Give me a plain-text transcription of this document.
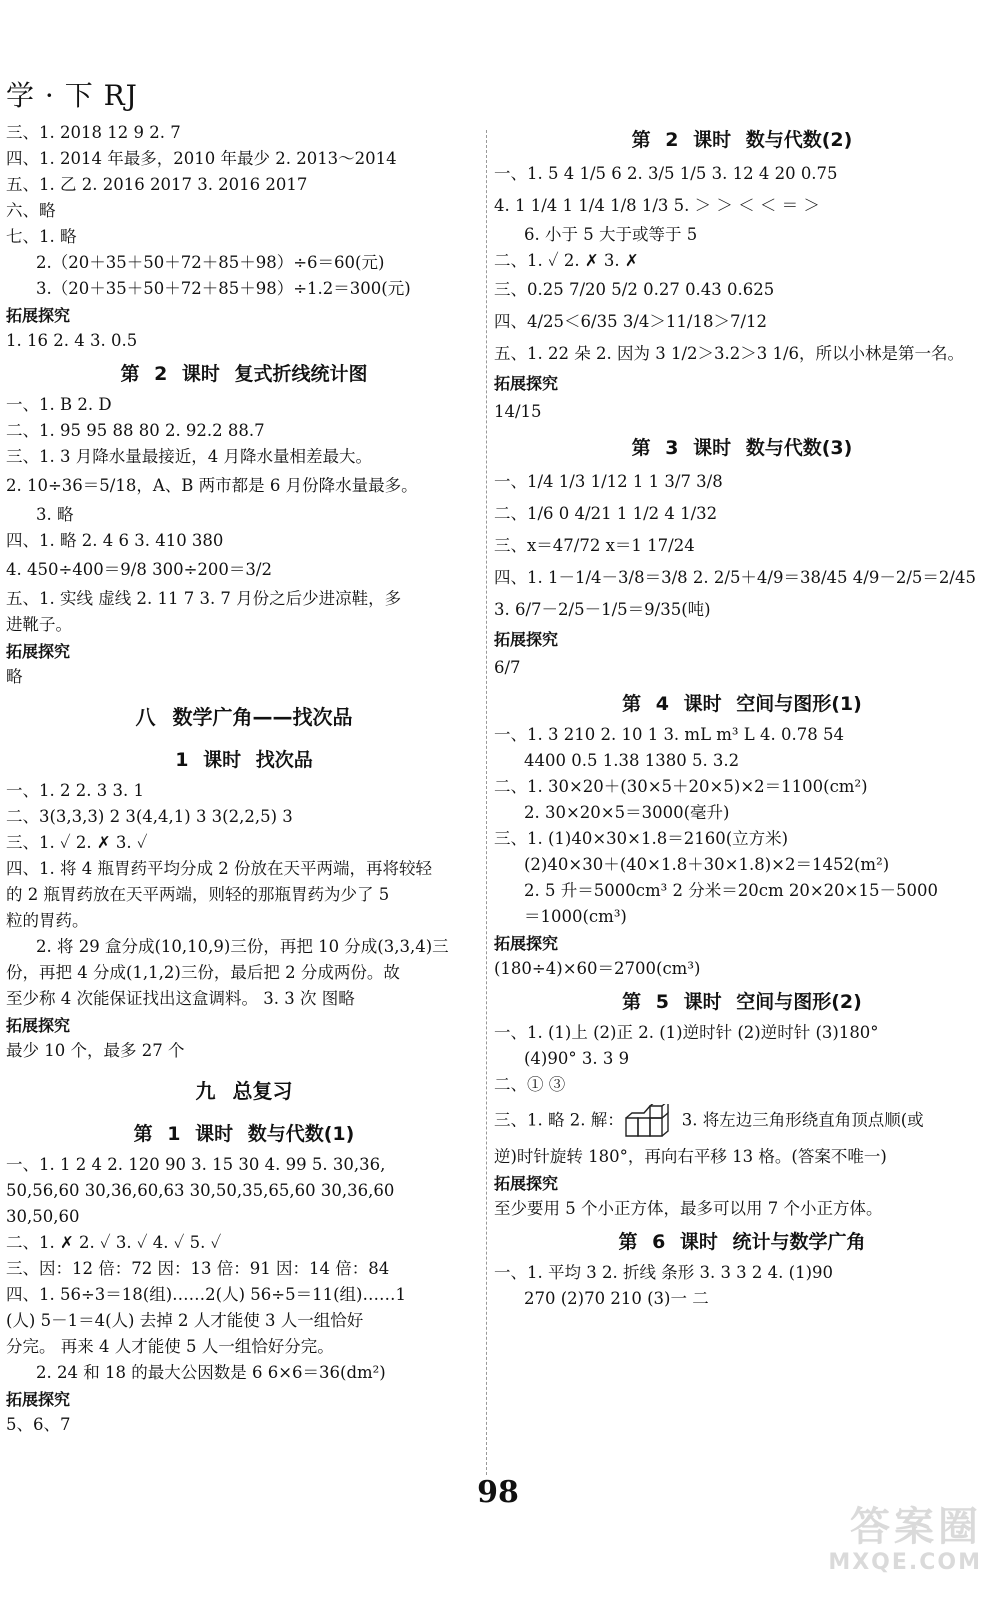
学 · 下 RJ
三、1. 2018 12 9 2. 7
四、1. 2014 年最多，2010 年最少 2. 2013～2014
五、1. 乙 2. 2016 2017 3. 2016 2017
六、略
七、1. 略
2.（20＋35＋50＋72＋85＋98）÷6＝60(元)
3.（20＋35＋50＋72＋85＋98）÷1.2＝300(元)
拓展探究
1. 16 2. 4 3. 0.5
第 2 课时 复式折线统计图
一、1. B 2. D
二、1. 95 95 88 80 2. 92.2 88.7
三、1. 3 月降水量最接近，4 月降水量相差最大。
2. 10÷36＝5/18，A、B 两市都是 6 月份降水量最多。
3. 略
四、1. 略 2. 4 6 3. 410 380
4. 450÷400＝9/8 300÷200＝3/2
五、1. 实线 虚线 2. 11 7 3. 7 月份之后少进凉鞋，多
进靴子。
拓展探究
略
八 数学广角——找次品
1 课时 找次品
一、1. 2 2. 3 3. 1
二、3(3,3,3) 2 3(4,4,1) 3 3(2,2,5) 3
三、1. ✓ 2. ✗ 3. ✓
四、1. 将 4 瓶胃药平均分成 2 份放在天平两端，再将较轻
的 2 瓶胃药放在天平两端，则轻的那瓶胃药为少了 5
粒的胃药。
2. 将 29 盒分成(10,10,9)三份，再把 10 分成(3,3,4)三
份，再把 4 分成(1,1,2)三份，最后把 2 分成两份。故
至少称 4 次能保证找出这盒调料。 3. 3 次 图略
拓展探究
最少 10 个，最多 27 个
九 总复习
第 1 课时 数与代数(1)
一、1. 1 2 4 2. 120 90 3. 15 30 4. 99 5. 30,36,
50,56,60 30,36,60,63 30,50,35,65,60 30,36,60
30,50,60
二、1. ✗ 2. ✓ 3. ✓ 4. ✓ 5. ✓
三、因：12 倍：72 因：13 倍：91 因：14 倍：84
四、1. 56÷3＝18(组)……2(人) 56÷5＝11(组)……1
(人) 5－1＝4(人) 去掉 2 人才能使 3 人一组恰好
分完。 再来 4 人才能使 5 人一组恰好分完。
2. 24 和 18 的最大公因数是 6 6×6＝36(dm²)
拓展探究
5、6、7
第 2 课时 数与代数(2)
一、1. 5 4 1/5 6 2. 3/5 1/5 3. 12 4 20 0.75
4. 1 1/4 1 1/4 1/8 1/3 5. ＞ ＞ ＜ ＜ ＝ ＞
6. 小于 5 大于或等于 5
二、1. ✓ 2. ✗ 3. ✗
三、0.25 7/20 5/2 0.27 0.43 0.625
四、4/25＜6/35 3/4＞11/18＞7/12
五、1. 22 朵 2. 因为 3 1/2＞3.2＞3 1/6，所以小林是第一名。
拓展探究
14/15
第 3 课时 数与代数(3)
一、1/4 1/3 1/12 1 1 3/7 3/8
二、1/6 0 4/21 1 1/2 4 1/32
三、x＝47/72 x＝1 17/24
四、1. 1－1/4－3/8＝3/8 2. 2/5＋4/9＝38/45 4/9－2/5＝2/45
3. 6/7－2/5－1/5＝9/35(吨)
拓展探究
6/7
第 4 课时 空间与图形(1)
一、1. 3 210 2. 10 1 3. mL m³ L 4. 0.78 54
4400 0.5 1.38 1380 5. 3.2
二、1. 30×20＋(30×5＋20×5)×2＝1100(cm²)
2. 30×20×5＝3000(毫升)
三、1. (1)40×30×1.8＝2160(立方米)
(2)40×30＋(40×1.8＋30×1.8)×2＝1452(m²)
2. 5 升＝5000cm³ 2 分米＝20cm 20×20×15－5000
＝1000(cm³)
拓展探究
(180÷4)×60＝2700(cm³)
第 5 课时 空间与图形(2)
一、1. (1)上 (2)正 2. (1)逆时针 (2)逆时针 (3)180°
(4)90° 3. 3 9
二、① ③
三、1. 略 2. 解：	3. 将左边三角形绕直角顶点顺(或
逆)时针旋转 180°，再向右平移 13 格。(答案不唯一)
拓展探究
至少要用 5 个小正方体，最多可以用 7 个小正方体。
第 6 课时 统计与数学广角
一、1. 平均 3 2. 折线 条形 3. 3 3 2 4. (1)90
270 (2)70 210 (3)一 二
98
答案圈
MXQE.COM
